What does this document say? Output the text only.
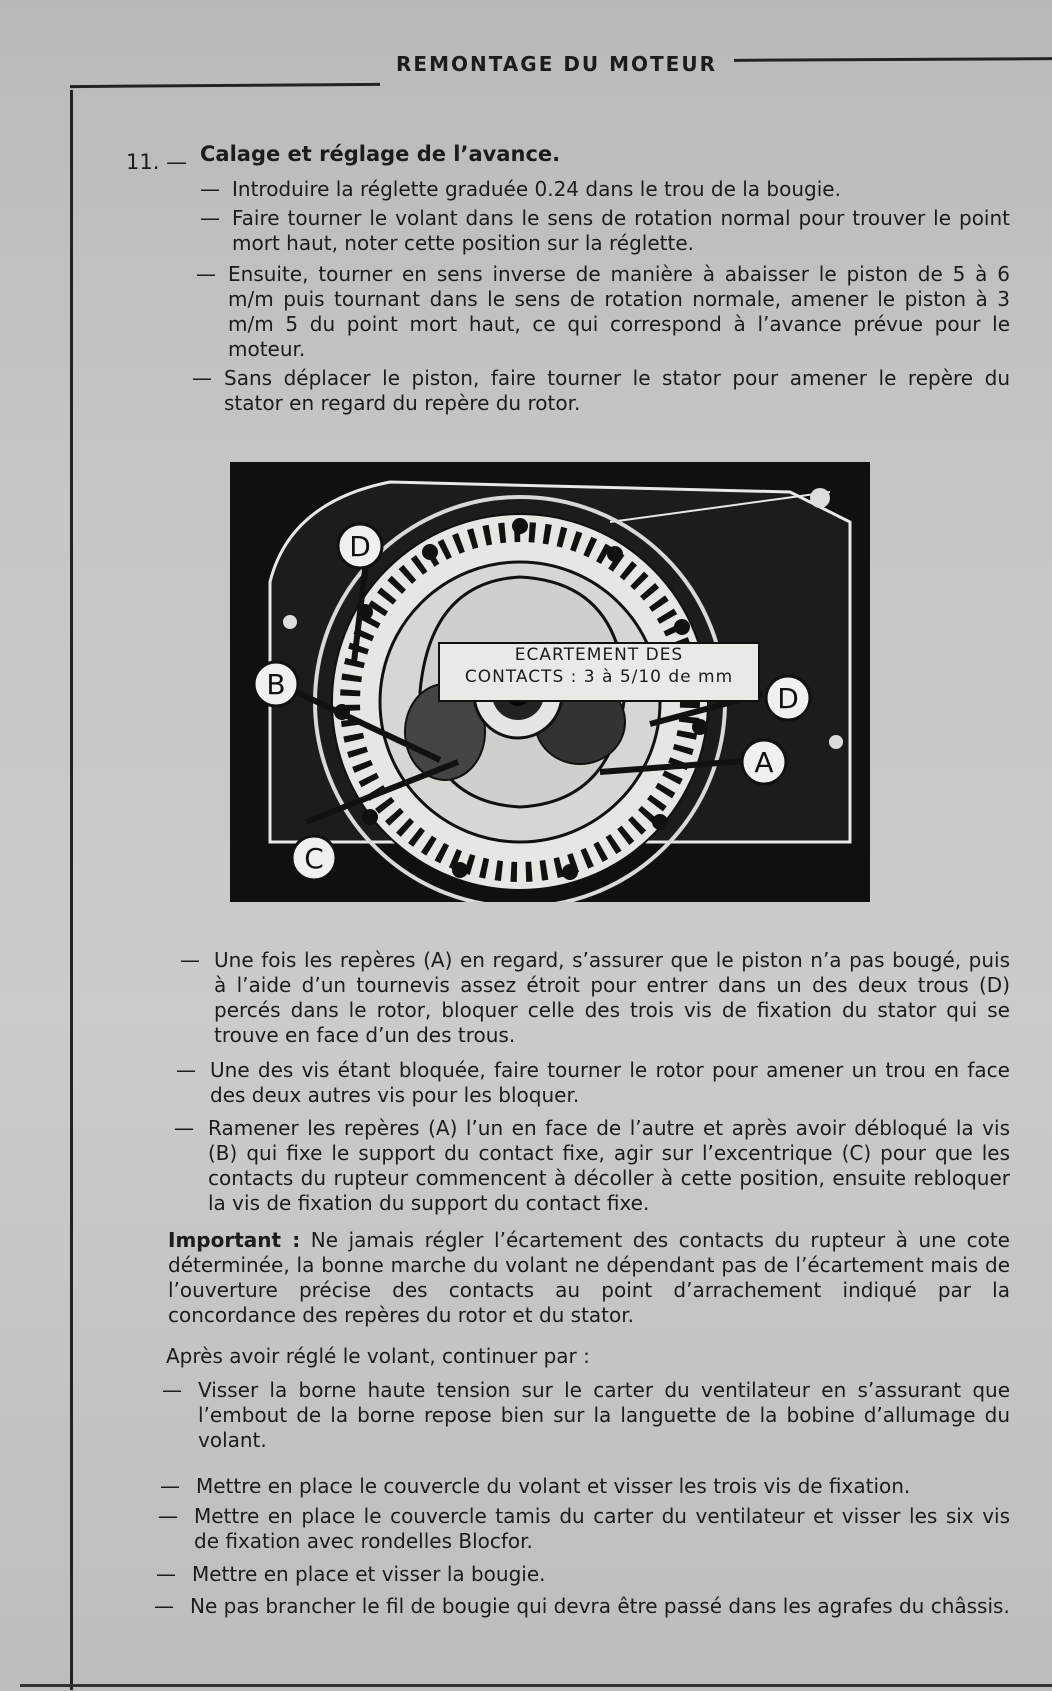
REMONTAGE DU MOTEUR
11. — Calage et réglage de l’avance.
— Introduire la réglette graduée 0.24 dans le trou de la bougie.
— Faire tourner le volant dans le sens de rotation normal pour trouver le point mort haut, noter cette position sur la réglette.
— Ensuite, tourner en sens inverse de manière à abaisser le piston de 5 à 6 m/m puis tournant dans le sens de rotation normale, amener le piston à 3 m/m 5 du point mort haut, ce qui correspond à l’avance prévue pour le moteur.
— Sans déplacer le piston, faire tourner le stator pour amener le repère du stator en regard du repère du rotor.
D
B
C
D
A
ECARTEMENT DES
CONTACTS : 3 à 5/10 de mm
— Une fois les repères (A) en regard, s’assurer que le piston n’a pas bougé, puis à l’aide d’un tournevis assez étroit pour entrer dans un des deux trous (D) percés dans le rotor, bloquer celle des trois vis de fixation du stator qui se trouve en face d’un des trous.
— Une des vis étant bloquée, faire tourner le rotor pour amener un trou en face des deux autres vis pour les bloquer.
— Ramener les repères (A) l’un en face de l’autre et après avoir débloqué la vis (B) qui fixe le support du contact fixe, agir sur l’excentrique (C) pour que les contacts du rupteur commencent à décoller à cette position, ensuite rebloquer la vis de fixation du support du contact fixe.
Important : Ne jamais régler l’écartement des contacts du rupteur à une cote déterminée, la bonne marche du volant ne dépendant pas de l’écartement mais de l’ouverture précise des contacts au point d’arrachement indiqué par la concordance des repères du rotor et du stator.
Après avoir réglé le volant, continuer par :
— Visser la borne haute tension sur le carter du ventilateur en s’assurant que l’embout de la borne repose bien sur la languette de la bobine d’allumage du volant.
— Mettre en place le couvercle du volant et visser les trois vis de fixation.
— Mettre en place le couvercle tamis du carter du ventilateur et visser les six vis de fixation avec rondelles Blocfor.
— Mettre en place et visser la bougie.
— Ne pas brancher le fil de bougie qui devra être passé dans les agrafes du châssis.
